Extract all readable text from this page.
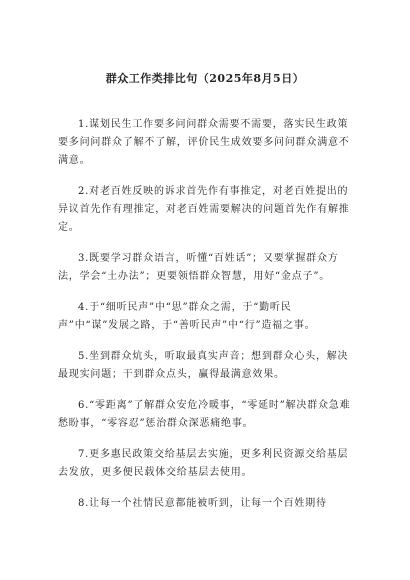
群众工作类排比句（2025年8月5日）

1.谋划民生工作要多问问群众需要不需要，落实民生政策要多问问群众了解不了解，评价民生成效要多问问群众满意不满意。

2.对老百姓反映的诉求首先作有事推定，对老百姓提出的异议首先作有理推定，对老百姓需要解决的问题首先作有解推定。

3.既要学习群众语言，听懂“百姓话”；又要掌握群众方法，学会“土办法”；更要领悟群众智慧，用好“金点子”。

4.于“细听民声”中“思”群众之需，于“勤听民声”中“谋”发展之路，于“善听民声”中“行”造福之事。

5.坐到群众炕头，听取最真实声音；想到群众心头，解决最现实问题；干到群众点头，赢得最满意效果。

6.“零距离”了解群众安危冷暖事，“零延时”解决群众急难愁盼事，“零容忍”惩治群众深恶痛绝事。

7.更多惠民政策交给基层去实施，更多利民资源交给基层去发放，更多便民载体交给基层去使用。

8.让每一个社情民意都能被听到，让每一个百姓期待
